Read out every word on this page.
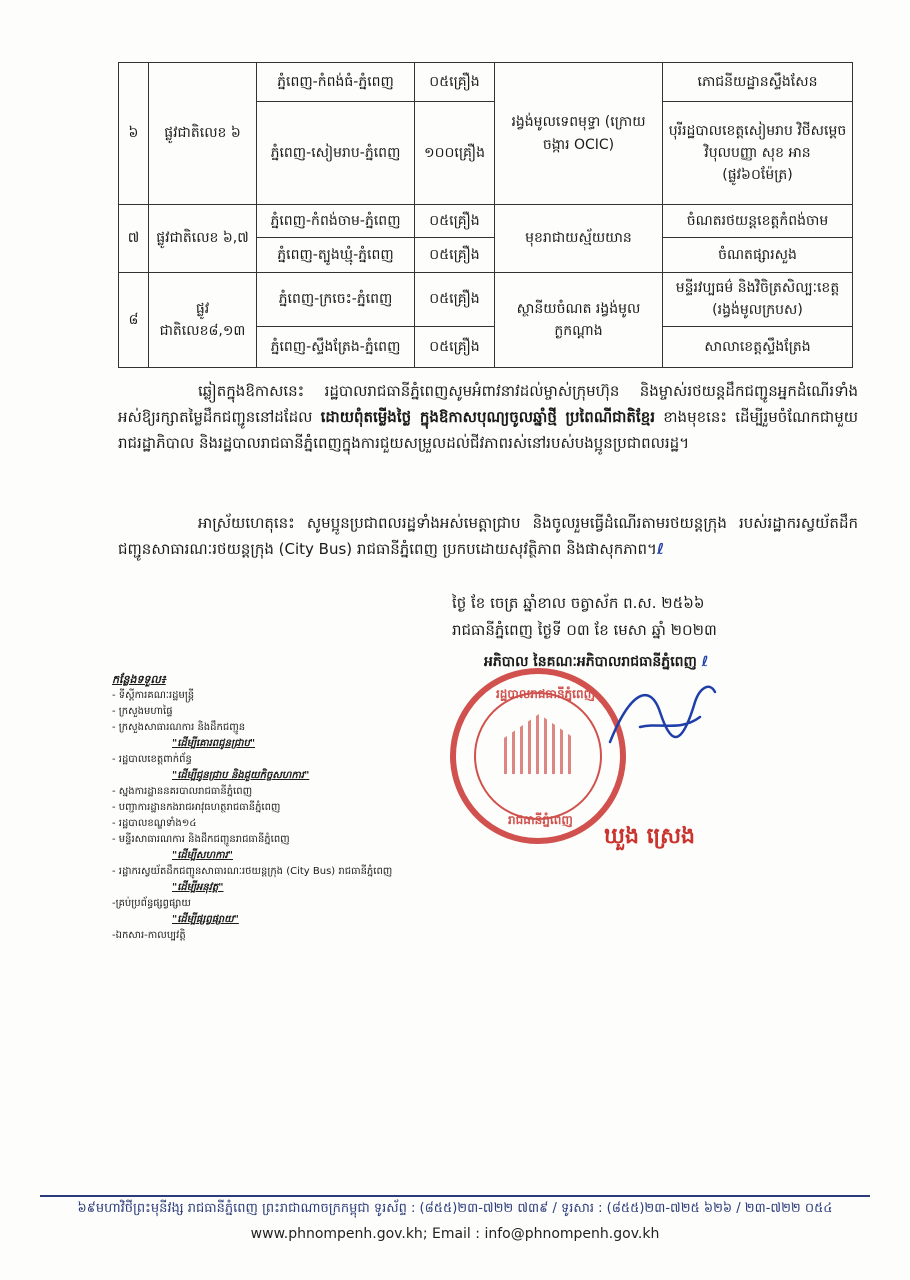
៦	ផ្លូវជាតិលេខ ៦	ភ្នំពេញ-កំពង់ធំ-ភ្នំពេញ	០៥គ្រឿង	រង្វង់មូលទេពមុទ្ធា (ក្រោយចង្ការ OCIC)	ភោជនីយដ្ឋានស្ទឹងសែន
		ភ្នំពេញ-សៀមរាប-ភ្នំពេញ	១០០គ្រឿង		បុរីរដ្ឋបាលខេត្តសៀមរាប វិថីសម្ដេចវិបុលបញ្ញា សុខ អាន (ផ្លូវ៦០ម៉ែត្រ)
៧	ផ្លូវជាតិលេខ ៦,៧	ភ្នំពេញ-កំពង់ចាម-ភ្នំពេញ	០៥គ្រឿង	មុខរាជាយស្ម័យយាន	ចំណតរថយន្តខេត្តកំពង់ចាម
		ភ្នំពេញ-ត្បូងឃ្មុំ-ភ្នំពេញ	០៥គ្រឿង		ចំណតផ្សារសួង
៨	ផ្លូវជាតិលេខ៨,១៣	ភ្នំពេញ-ក្រចេះ-ភ្នំពេញ	០៥គ្រឿង	ស្ថានីយចំណត រង្វង់មូលក្ងកណ្ដាង	មន្ទីរវប្បធម៌ និងវិចិត្រសិល្បៈខេត្ត (រង្វង់មូលក្របស)
		ភ្នំពេញ-ស្ទឹងត្រែង-ភ្នំពេញ	០៥គ្រឿង		សាលាខេត្តស្ទឹងត្រែង

ឆ្លៀតក្នុងឱកាសនេះ រដ្ឋបាលរាជធានីភ្នំពេញសូមអំពាវនាវដល់ម្ចាស់ក្រុមហ៊ុន និងម្ចាស់រថយន្តដឹកជញ្ជូនអ្នកដំណើរទាំងអស់ឱ្យរក្សាតម្លៃដឹកជញ្ជូននៅដដែល ដោយពុំតម្លើងថ្លៃ ក្នុងឱកាសបុណ្យចូលឆ្នាំថ្មី ប្រពៃណីជាតិខ្មែរ ខាងមុខនេះ ដើម្បីរួមចំណែកជាមួយរាជរដ្ឋាភិបាល និងរដ្ឋបាលរាជធានីភ្នំពេញក្នុងការជួយសម្រួលដល់ជីវភាពរស់នៅរបស់បងប្អូនប្រជាពលរដ្ឋ។

អាស្រ័យហេតុនេះ សូមប្អូនប្រជាពលរដ្ឋទាំងអស់មេត្តាជ្រាប និងចូលរួមធ្វើដំណើរតាមរថយន្តក្រុង របស់រដ្ឋាករស្វយ័តដឹកជញ្ជូនសាធារណៈរថយន្តក្រុង (City Bus) រាជធានីភ្នំពេញ ប្រកបដោយសុវត្ថិភាព និងផាសុកភាព។ℓ

ថ្ងៃ ខែ ចេត្រ ឆ្នាំខាល ចត្វាស័ក ព.ស. ២៥៦៦
រាជធានីភ្នំពេញ ថ្ងៃទី ០៣ ខែ មេសា ឆ្នាំ ២០២៣
អភិបាល នៃគណៈអភិបាលរាជធានីភ្នំពេញ ℓ
រដ្ឋបាលរាជធានីភ្នំពេញ
រាជធានីភ្នំពេញ
ឃួង ស្រេង
កន្លែងទទួល៖
- ទីស្តីការគណៈរដ្ឋមន្ត្រី
- ក្រសួងមហាផ្ទៃ
- ក្រសួងសាធារណការ និងដឹកជញ្ជូន
"ដើម្បីគោរពជូនជ្រាប"
- រដ្ឋបាលខេត្តពាក់ព័ន្ធ
"ដើម្បីជូនជ្រាប និងជួយកិច្ចសហការ"
- ស្នងការដ្ឋាននគរបាលរាជធានីភ្នំពេញ
- បញ្ជាការដ្ឋានកងរាជអាវុធហត្ថរាជធានីភ្នំពេញ
- រដ្ឋបាលខណ្ឌទាំង១៤
- មន្ទីរសាធារណការ និងដឹកជញ្ជូនរាជធានីភ្នំពេញ
"ដើម្បីសហការ"
- រដ្ឋាករស្វយ័តដឹកជញ្ជូនសាធារណៈរថយន្តក្រុង (City Bus) រាជធានីភ្នំពេញ
"ដើម្បីអនុវត្ត"
-គ្រប់ប្រព័ន្ធផ្សព្វផ្សាយ
"ដើម្បីផ្សព្វផ្សាយ"
-ឯកសារ-កាលប្បវត្តិ
៦៩មហាវិថីព្រះមុនីវង្ស រាជធានីភ្នំពេញ ព្រះរាជាណាចក្រកម្ពុជា ទូរស័ព្ទ : (៨៥៥)២៣-៧២២ ៧៣៩ / ទូរសារ : (៨៥៥)២៣-៧២៥ ៦២៦ / ២៣-៧២២ ០៥៤
www.phnompenh.gov.kh; Email : info@phnompenh.gov.kh
